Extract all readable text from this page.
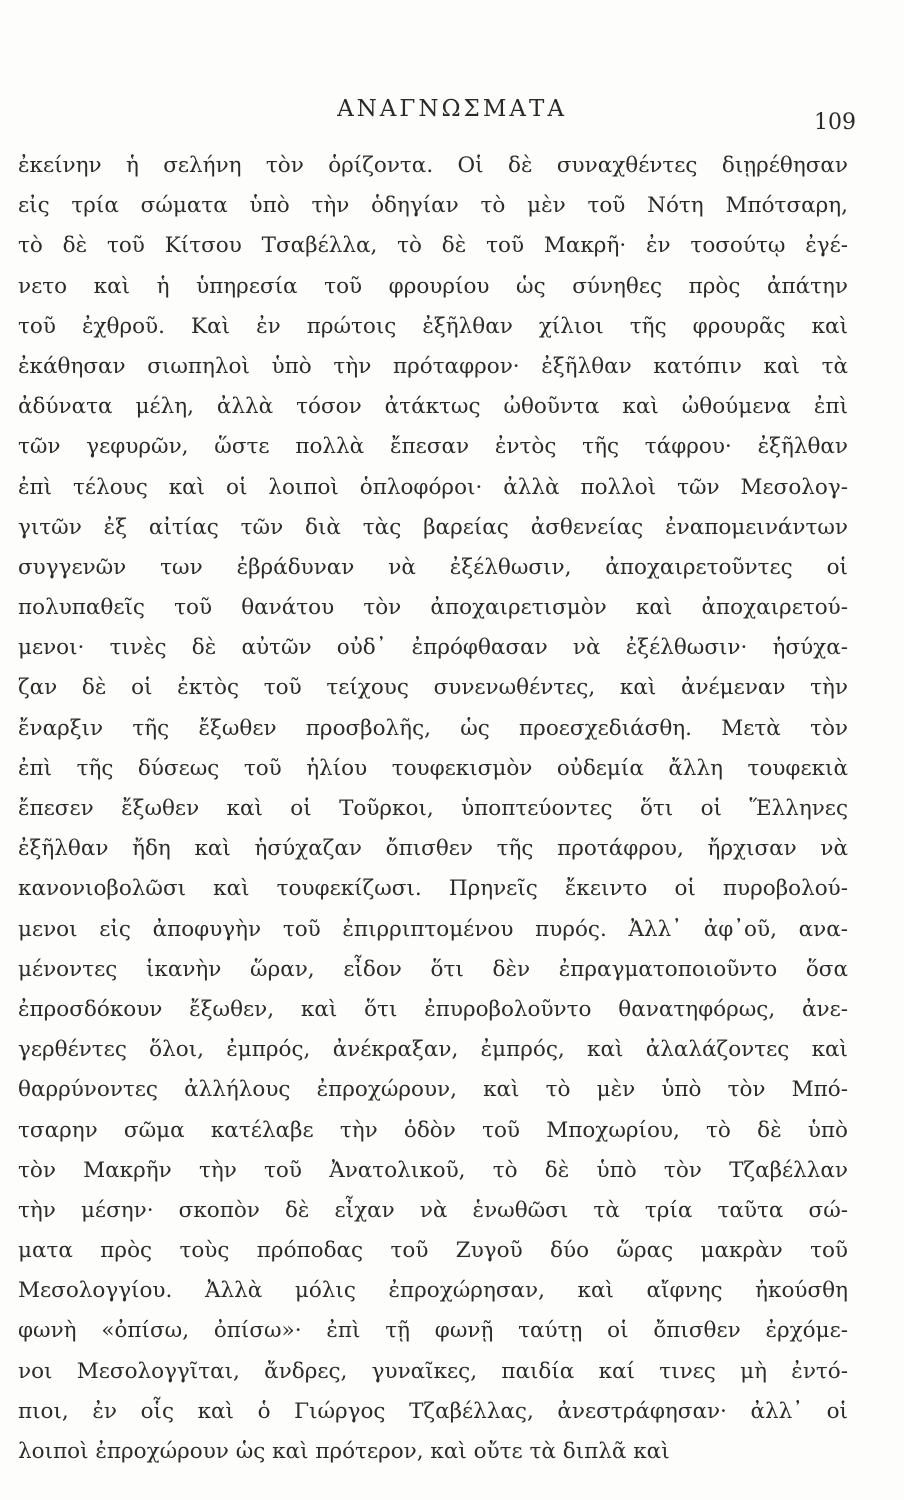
ΑΝΑΓΝΩΣΜΑΤΑ
109
ἐκείνην ἡ σελήνη τὸν ὁρίζοντα. Οἱ δὲ συναχθέντες διῃρέθησαν
εἰς τρία σώματα ὑπὸ τὴν ὁδηγίαν τὸ μὲν τοῦ Νότη Μπότσαρη,
τὸ δὲ τοῦ Κίτσου Τσαβέλλα, τὸ δὲ τοῦ Μακρῆ· ἐν τοσούτῳ ἐγέ-
νετο καὶ ἡ ὑπηρεσία τοῦ φρουρίου ὡς σύνηθες πρὸς ἀπάτην
τοῦ ἐχθροῦ. Καὶ ἐν πρώτοις ἐξῆλθαν χίλιοι τῆς φρουρᾶς καὶ
ἐκάθησαν σιωπηλοὶ ὑπὸ τὴν πρόταφρον· ἐξῆλθαν κατόπιν καὶ τὰ
ἀδύνατα μέλη, ἀλλὰ τόσον ἀτάκτως ὠθοῦντα καὶ ὠθούμενα ἐπὶ
τῶν γεφυρῶν, ὥστε πολλὰ ἔπεσαν ἐντὸς τῆς τάφρου· ἐξῆλθαν
ἐπὶ τέλους καὶ οἱ λοιποὶ ὁπλοφόροι· ἀλλὰ πολλοὶ τῶν Μεσολογ-
γιτῶν ἐξ αἰτίας τῶν διὰ τὰς βαρείας ἀσθενείας ἐναπομεινάντων
συγγενῶν των ἐβράδυναν νὰ ἐξέλθωσιν, ἀποχαιρετοῦντες οἱ
πολυπαθεῖς τοῦ θανάτου τὸν ἀποχαιρετισμὸν καὶ ἀποχαιρετού-
μενοι· τινὲς δὲ αὐτῶν οὐδ᾽ ἐπρόφθασαν νὰ ἐξέλθωσιν· ἡσύχα-
ζαν δὲ οἱ ἐκτὸς τοῦ τείχους συνενωθέντες, καὶ ἀνέμεναν τὴν
ἔναρξιν τῆς ἔξωθεν προσβολῆς, ὡς προεσχεδιάσθη. Μετὰ τὸν
ἐπὶ τῆς δύσεως τοῦ ἡλίου τουφεκισμὸν οὐδεμία ἄλλη τουφεκιὰ
ἔπεσεν ἔξωθεν καὶ οἱ Τοῦρκοι, ὑποπτεύοντες ὅτι οἱ Ἕλληνες
ἐξῆλθαν ἤδη καὶ ἡσύχαζαν ὄπισθεν τῆς προτάφρου, ἤρχισαν νὰ
κανονιοβολῶσι καὶ τουφεκίζωσι. Πρηνεῖς ἔκειντο οἱ πυροβολού-
μενοι εἰς ἀποφυγὴν τοῦ ἐπιρριπτομένου πυρός. Ἀλλ᾽ ἀφ᾽οῦ, ανα-
μένοντες ἱκανὴν ὥραν, εἶδον ὅτι δὲν ἐπραγματοποιοῦντο ὅσα
ἐπροσδόκουν ἔξωθεν, καὶ ὅτι ἐπυροβολοῦντο θανατηφόρως, ἀνε-
γερθέντες ὅλοι, ἐμπρός, ἀνέκραξαν, ἐμπρός, καὶ ἀλαλάζοντες καὶ
θαρρύνοντες ἀλλήλους ἐπροχώρουν, καὶ τὸ μὲν ὑπὸ τὸν Μπό-
τσαρην σῶμα κατέλαβε τὴν ὁδὸν τοῦ Μποχωρίου, τὸ δὲ ὑπὸ
τὸν Μακρῆν τὴν τοῦ Ἀνατολικοῦ, τὸ δὲ ὑπὸ τὸν Τζαβέλλαν
τὴν μέσην· σκοπὸν δὲ εἶχαν νὰ ἑνωθῶσι τὰ τρία ταῦτα σώ-
ματα πρὸς τοὺς πρόποδας τοῦ Ζυγοῦ δύο ὥρας μακρὰν τοῦ
Μεσολογγίου. Ἀλλὰ μόλις ἐπροχώρησαν, καὶ αἴφνης ἠκούσθη
φωνὴ «ὀπίσω, ὀπίσω»· ἐπὶ τῇ φωνῇ ταύτῃ οἱ ὄπισθεν ἐρχόμε-
νοι Μεσολογγῖται, ἄνδρες, γυναῖκες, παιδία καί τινες μὴ ἐντό-
πιοι, ἐν οἷς καὶ ὁ Γιώργος Τζαβέλλας, ἀνεστράφησαν· ἀλλ᾽ οἱ
λοιποὶ ἐπροχώρουν ὡς καὶ πρότερον, καὶ οὔτε τὰ διπλᾶ καὶ
